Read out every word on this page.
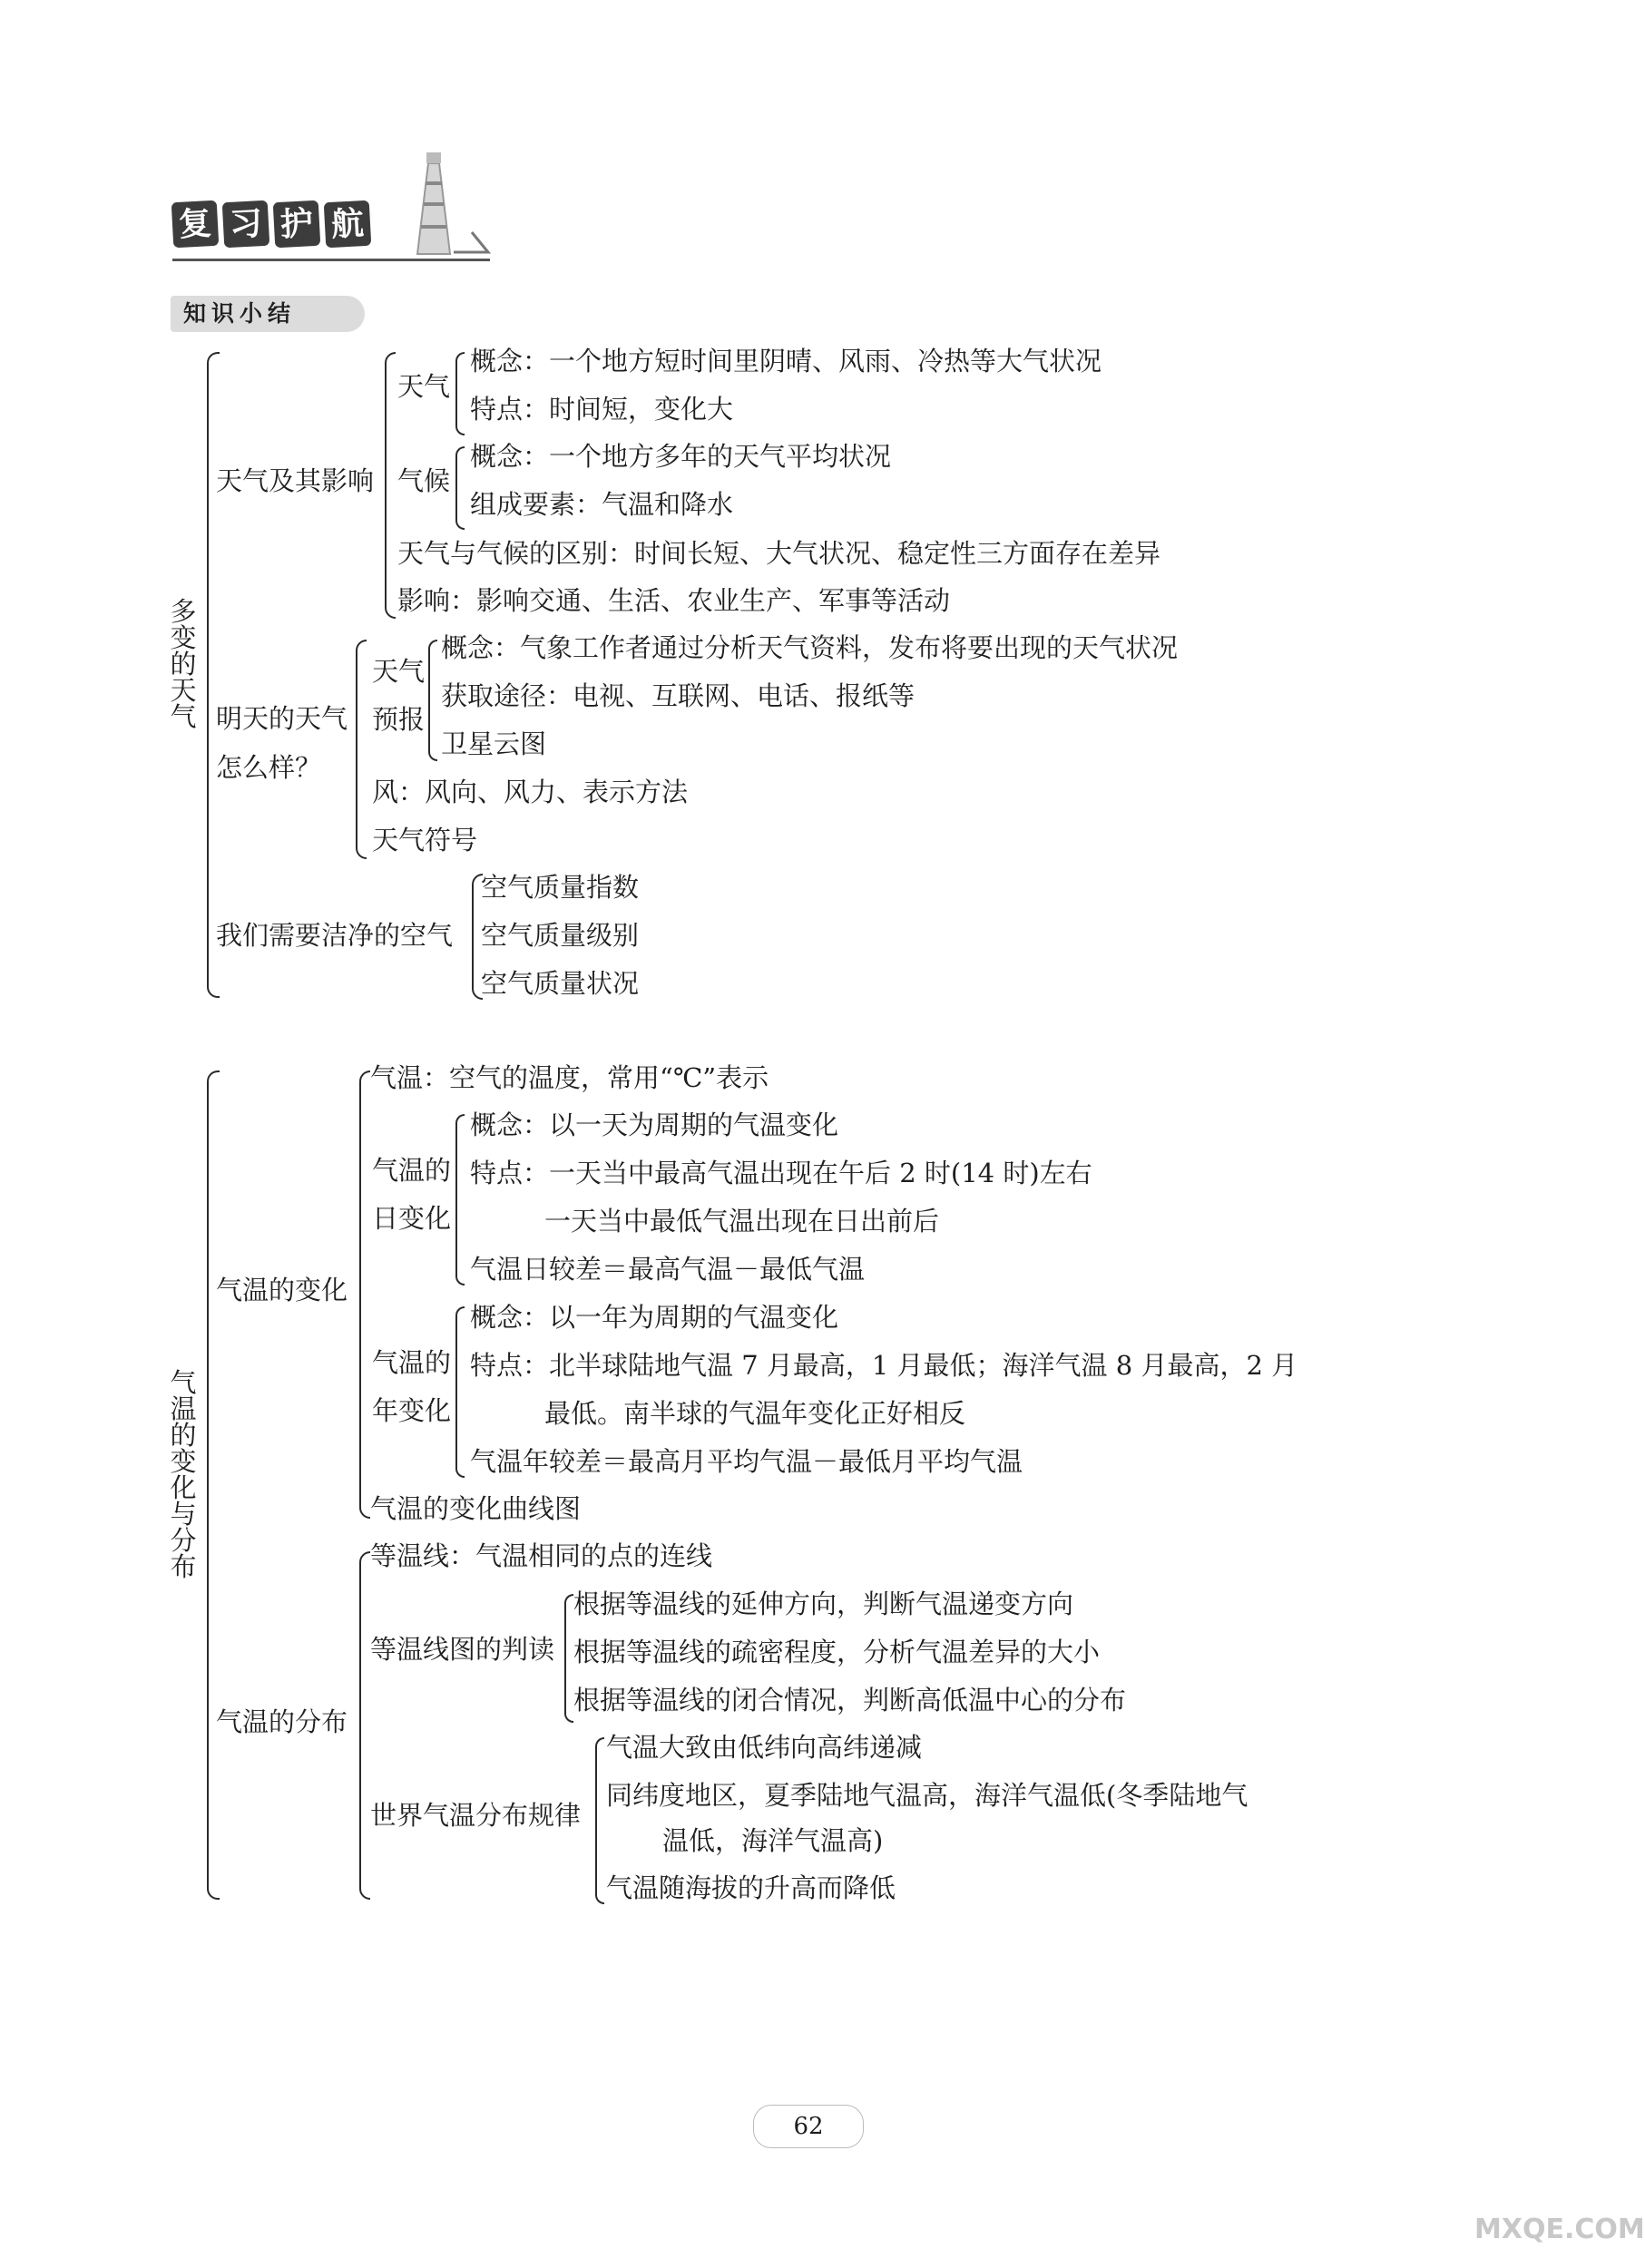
复 习 护 航
知识小结
多变的天气
天气及其影响
天气
概念：一个地方短时间里阴晴、风雨、冷热等大气状况
特点：时间短，变化大
气候
概念：一个地方多年的天气平均状况
组成要素：气温和降水
天气与气候的区别：时间长短、大气状况、稳定性三方面存在差异
影响：影响交通、生活、农业生产、军事等活动
明天的天气
怎么样？
天气
预报
概念：气象工作者通过分析天气资料，发布将要出现的天气状况
获取途径：电视、互联网、电话、报纸等
卫星云图
风：风向、风力、表示方法
天气符号
我们需要洁净的空气
空气质量指数
空气质量级别
空气质量状况
气温的变化与分布
气温的变化
气温：空气的温度，常用“℃”表示
气温的
日变化
概念：以一天为周期的气温变化
特点：一天当中最高气温出现在午后 2 时(14 时)左右
一天当中最低气温出现在日出前后
气温日较差＝最高气温－最低气温
气温的
年变化
概念：以一年为周期的气温变化
特点：北半球陆地气温 7 月最高，1 月最低；海洋气温 8 月最高，2 月
最低。南半球的气温年变化正好相反
气温年较差＝最高月平均气温－最低月平均气温
气温的变化曲线图
气温的分布
等温线：气温相同的点的连线
等温线图的判读
根据等温线的延伸方向，判断气温递变方向
根据等温线的疏密程度，分析气温差异的大小
根据等温线的闭合情况，判断高低温中心的分布
世界气温分布规律
气温大致由低纬向高纬递减
同纬度地区，夏季陆地气温高，海洋气温低(冬季陆地气
温低，海洋气温高)
气温随海拔的升高而降低
62
MXQE.COM
